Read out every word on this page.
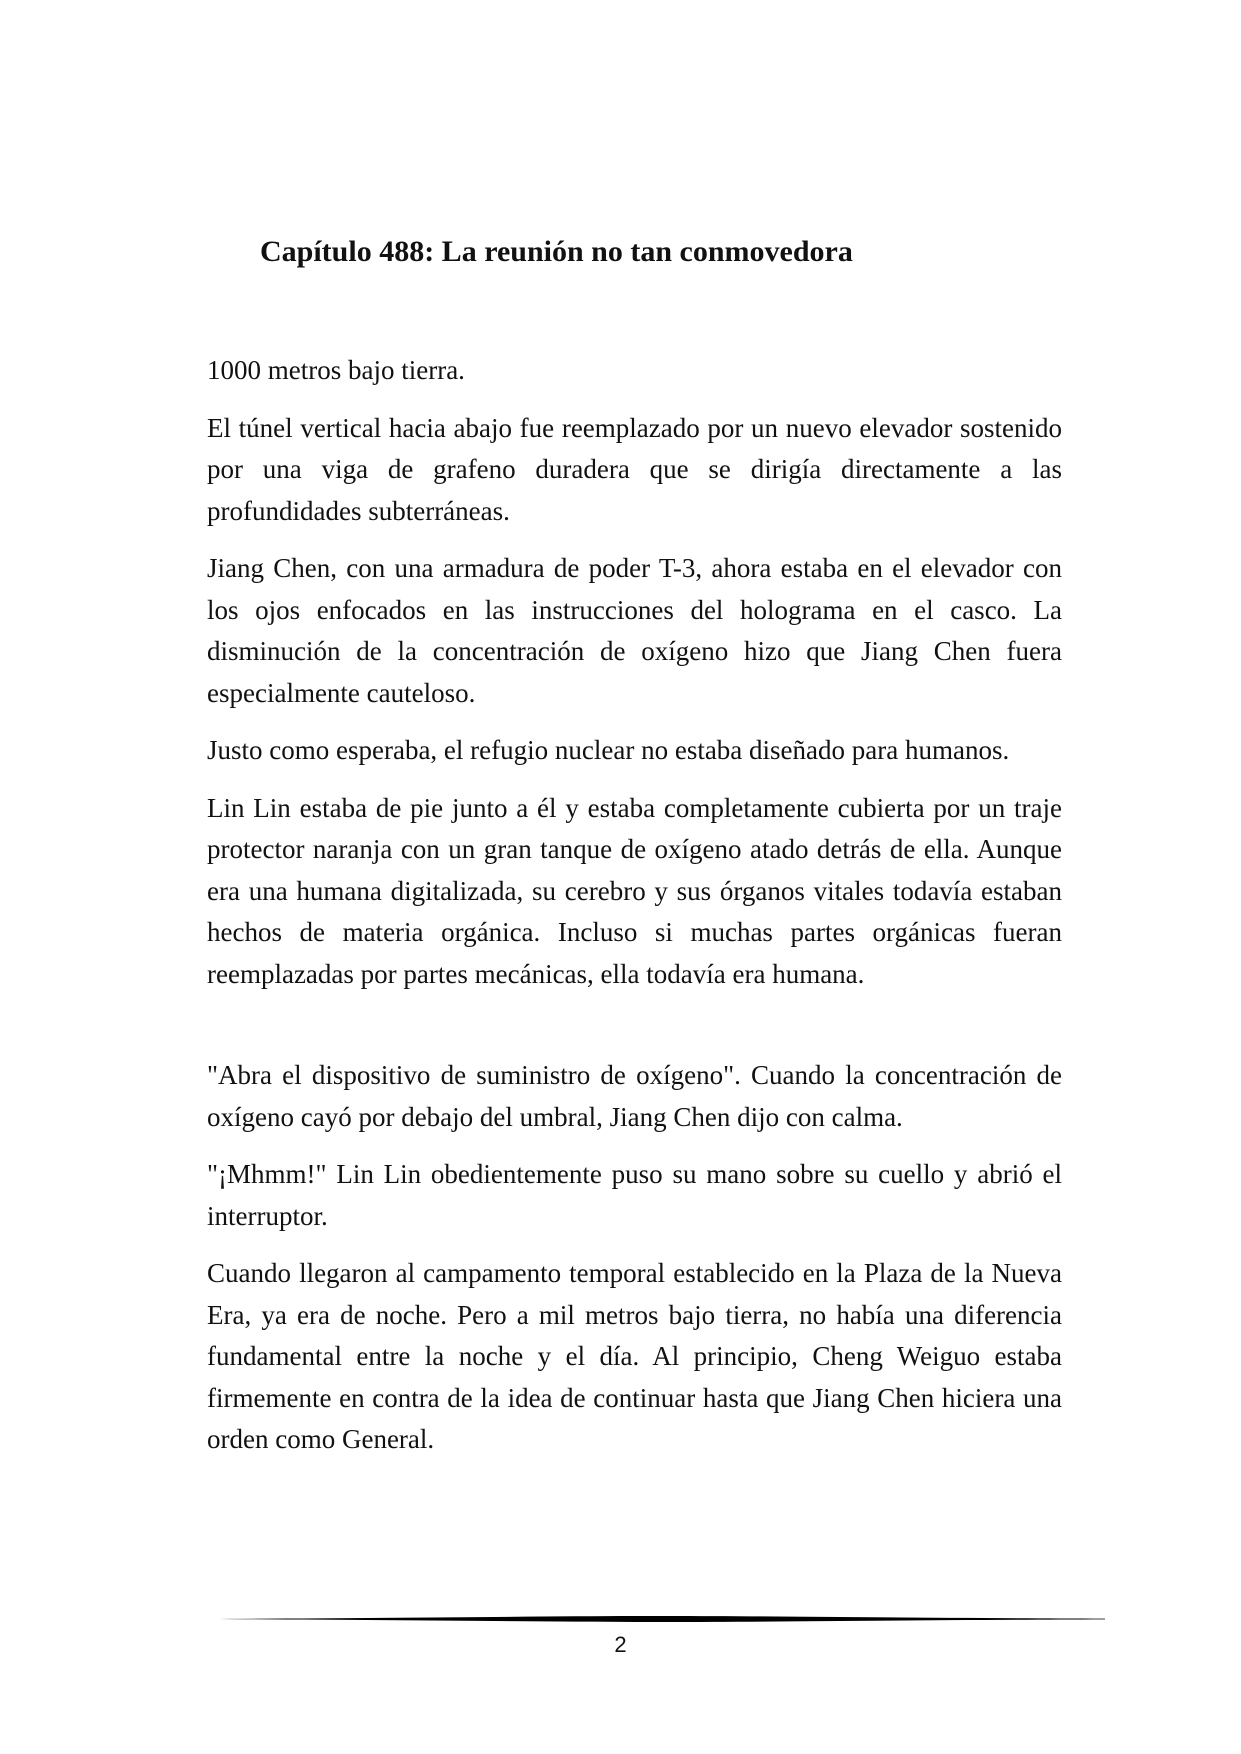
Capítulo 488: La reunión no tan conmovedora

1000 metros bajo tierra.

El túnel vertical hacia abajo fue reemplazado por un nuevo elevador sostenido por una viga de grafeno duradera que se dirigía directamente a las profundidades subterráneas.

Jiang Chen, con una armadura de poder T-3, ahora estaba en el elevador con los ojos enfocados en las instrucciones del holograma en el casco. La disminución de la concentración de oxígeno hizo que Jiang Chen fuera especialmente cauteloso.

Justo como esperaba, el refugio nuclear no estaba diseñado para humanos.

Lin Lin estaba de pie junto a él y estaba completamente cubierta por un traje protector naranja con un gran tanque de oxígeno atado detrás de ella. Aunque era una humana digitalizada, su cerebro y sus órganos vitales todavía estaban hechos de materia orgánica. Incluso si muchas partes orgánicas fueran reemplazadas por partes mecánicas, ella todavía era humana.

"Abra el dispositivo de suministro de oxígeno". Cuando la concentración de oxígeno cayó por debajo del umbral, Jiang Chen dijo con calma.

"¡Mhmm!" Lin Lin obedientemente puso su mano sobre su cuello y abrió el interruptor.

Cuando llegaron al campamento temporal establecido en la Plaza de la Nueva Era, ya era de noche. Pero a mil metros bajo tierra, no había una diferencia fundamental entre la noche y el día. Al principio, Cheng Weiguo estaba firmemente en contra de la idea de continuar hasta que Jiang Chen hiciera una orden como General.

2
